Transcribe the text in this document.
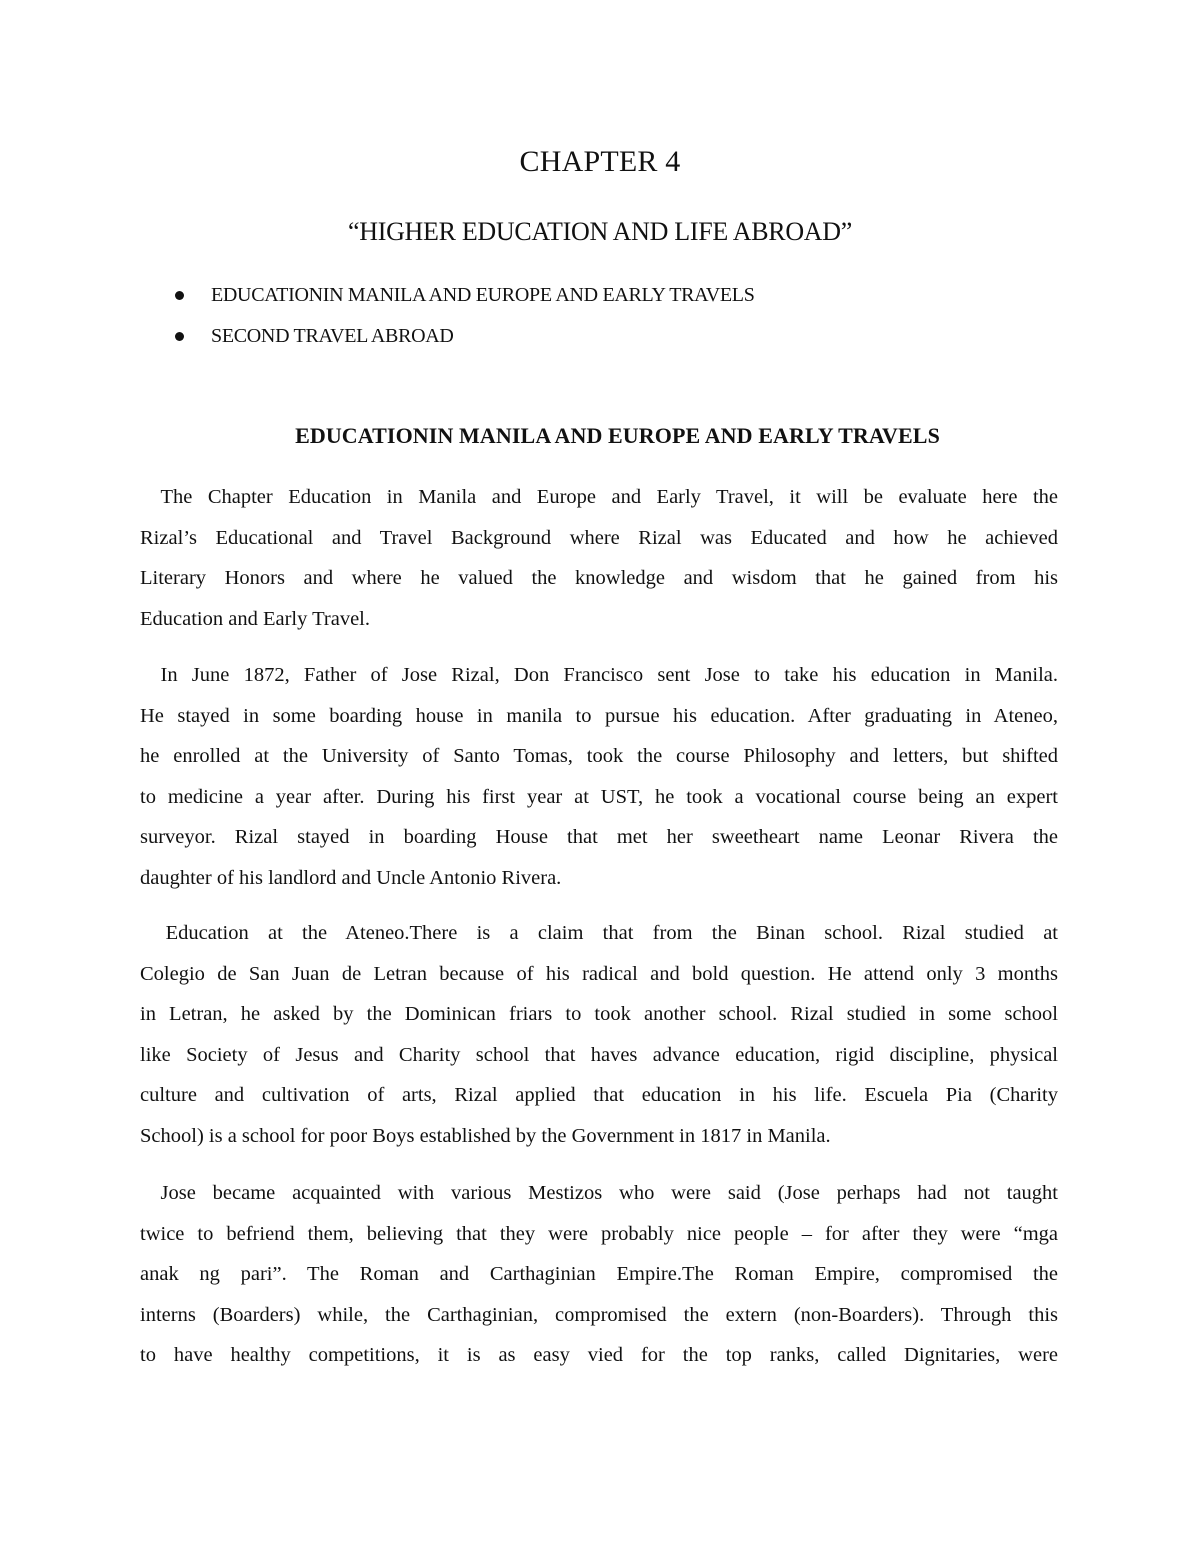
CHAPTER 4
“HIGHER EDUCATION AND LIFE ABROAD”
EDUCATIONIN MANILA AND EUROPE AND EARLY TRAVELS
SECOND TRAVEL ABROAD
EDUCATIONIN MANILA AND EUROPE AND EARLY TRAVELS
The Chapter Education in Manila and Europe and Early Travel, it will be evaluate here the
Rizal’s Educational and Travel Background where Rizal was Educated and how he achieved
Literary Honors and where he valued the knowledge and wisdom that he gained from his
Education and Early Travel.
In June 1872, Father of Jose Rizal, Don Francisco sent Jose to take his education in Manila.
He stayed in some boarding house in manila to pursue his education. After graduating in Ateneo,
he enrolled at the University of Santo Tomas, took the course Philosophy and letters, but shifted
to medicine a year after. During his first year at UST, he took a vocational course being an expert
surveyor. Rizal stayed in boarding House that met her sweetheart name Leonar Rivera the
daughter of his landlord and Uncle Antonio Rivera.
Education at the Ateneo.There is a claim that from the Binan school. Rizal studied at
Colegio de San Juan de Letran because of his radical and bold question. He attend only 3 months
in Letran, he asked by the Dominican friars to took another school. Rizal studied in some school
like Society of Jesus and Charity school that haves advance education, rigid discipline, physical
culture and cultivation of arts, Rizal applied that education in his life. Escuela Pia (Charity
School) is a school for poor Boys established by the Government in 1817 in Manila.
Jose became acquainted with various Mestizos who were said (Jose perhaps had not taught
twice to befriend them, believing that they were probably nice people – for after they were “mga
anak ng pari”. The Roman and Carthaginian Empire.The Roman Empire, compromised the
interns (Boarders) while, the Carthaginian, compromised the extern (non-Boarders). Through this
to have healthy competitions, it is as easy vied for the top ranks, called Dignitaries, were
